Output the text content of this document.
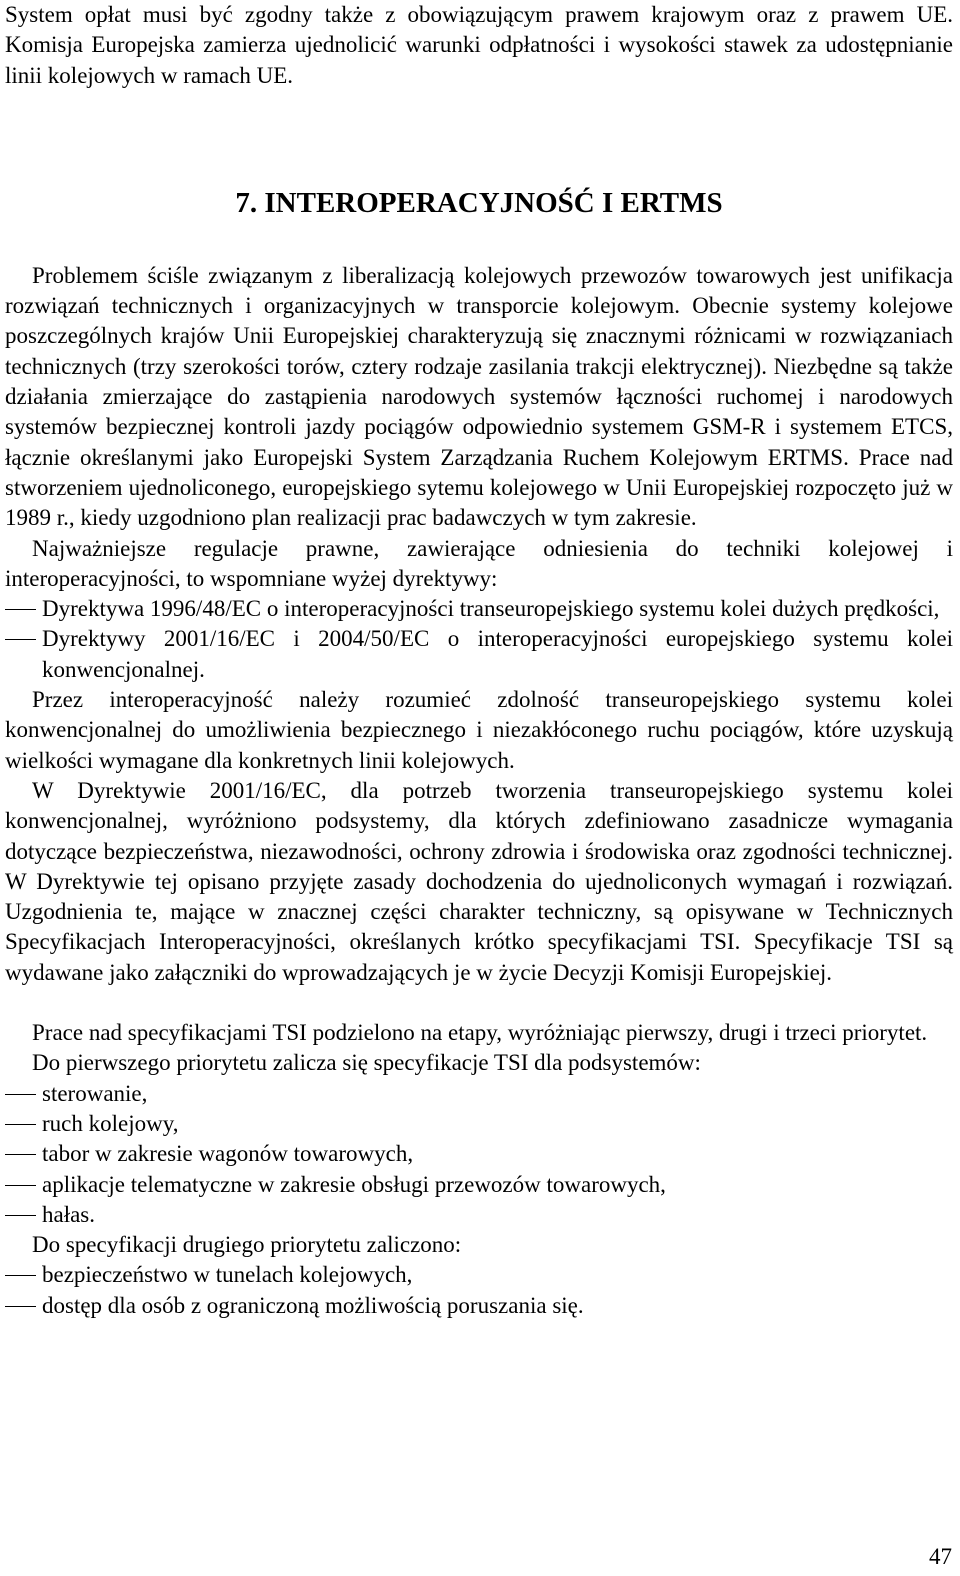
System opłat musi być zgodny także z obowiązującym prawem krajowym oraz z prawem UE. Komisja Europejska zamierza ujednolicić warunki odpłatności i wysokości stawek za udostępnianie linii kolejowych w ramach UE.

7. INTEROPERACYJNOŚĆ I ERTMS

Problemem ściśle związanym z liberalizacją kolejowych przewozów towarowych jest unifikacja rozwiązań technicznych i organizacyjnych w transporcie kolejowym. Obecnie systemy kolejowe poszczególnych krajów Unii Europejskiej charakteryzują się znacznymi różnicami w rozwiązaniach technicznych (trzy szerokości torów, cztery rodzaje zasilania trakcji elektrycznej). Niezbędne są także działania zmierzające do zastąpienia narodowych systemów łączności ruchomej i narodowych systemów bezpiecznej kontroli jazdy pociągów odpowiednio systemem GSM-R i systemem ETCS, łącznie określanymi jako Europejski System Zarządzania Ruchem Kolejowym ERTMS. Prace nad stworzeniem ujednoliconego, europejskiego sytemu kolejowego w Unii Europejskiej rozpoczęto już w 1989 r., kiedy uzgodniono plan realizacji prac badawczych w tym zakresie.

Najważniejsze regulacje prawne, zawierające odniesienia do techniki kolejowej i interoperacyjności, to wspomniane wyżej dyrektywy:

Dyrektywa 1996/48/EC o interoperacyjności transeuropejskiego systemu kolei dużych prędkości,
Dyrektywy 2001/16/EC i 2004/50/EC o interoperacyjności europejskiego systemu kolei konwencjonalnej.

Przez interoperacyjność należy rozumieć zdolność transeuropejskiego systemu kolei konwencjonalnej do umożliwienia bezpiecznego i niezakłóconego ruchu pociągów, które uzyskują wielkości wymagane dla konkretnych linii kolejowych.

W Dyrektywie 2001/16/EC, dla potrzeb tworzenia transeuropejskiego systemu kolei konwencjonalnej, wyróżniono podsystemy, dla których zdefiniowano zasadnicze wymagania dotyczące bezpieczeństwa, niezawodności, ochrony zdrowia i środowiska oraz zgodności technicznej. W Dyrektywie tej opisano przyjęte zasady dochodzenia do ujednoliconych wymagań i rozwiązań. Uzgodnienia te, mające w znacznej części charakter techniczny, są opisywane w Technicznych Specyfikacjach Interoperacyjności, określanych krótko specyfikacjami TSI. Specyfikacje TSI są wydawane jako załączniki do wprowadzających je w życie Decyzji Komisji Europejskiej.

Prace nad specyfikacjami TSI podzielono na etapy, wyróżniając pierwszy, drugi i trzeci priorytet.

Do pierwszego priorytetu zalicza się specyfikacje TSI dla podsystemów:

sterowanie,
ruch kolejowy,
tabor w zakresie wagonów towarowych,
aplikacje telematyczne w zakresie obsługi przewozów towarowych,
hałas.

Do specyfikacji drugiego priorytetu zaliczono:

bezpieczeństwo w tunelach kolejowych,
dostęp dla osób z ograniczoną możliwością poruszania się.
47
